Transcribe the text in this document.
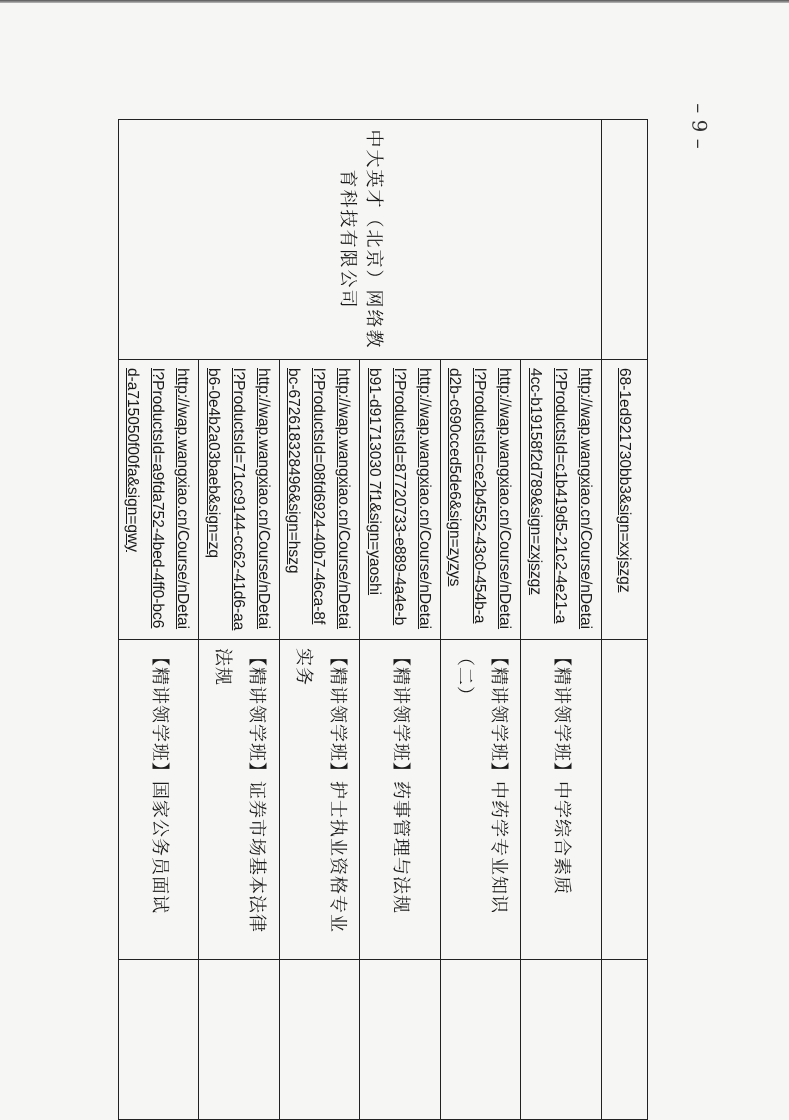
– 9 –
	68-1ed921730bb3&sign=xxjszgz		
中大英才（北京）网络教育科技有限公司	http://wap.wangxiao.cn/Course/nDetail?ProductsId=c1b419d5-21c2-4e21-a4cc-b19158f2d789&sign=zxjszgz	【精讲领学班】中学综合素质	
	http://wap.wangxiao.cn/Course/nDetail?ProductsId=ce2b4552-43c0-454b-ad2b-c690cced5de6&sign=zyzys	【精讲领学班】中药学专业知识（二）	
	http://wap.wangxiao.cn/Course/nDetail?ProductsId=87720733-e889-4a4e-bb91-d91713030 7f1&sign=yaoshi	【精讲领学班】药事管理与法规	
	http://wap.wangxiao.cn/Course/nDetail?ProductsId=08fd6924-40b7-46ca-8fbc-672618328496&sign=hszg	【精讲领学班】护士执业资格专业实务	
	http://wap.wangxiao.cn/Course/nDetail?ProductsId=71cc9144-cc62-41d6-aab6-0e4b2a03baeb&sign=zq	【精讲领学班】证券市场基本法律法规	
	http://wap.wangxiao.cn/Course/nDetail?ProductsId=a9fda752-4bed-4ff0-bc6d-a715050f00fa&sign=gwy	【精讲领学班】国家公务员面试	
